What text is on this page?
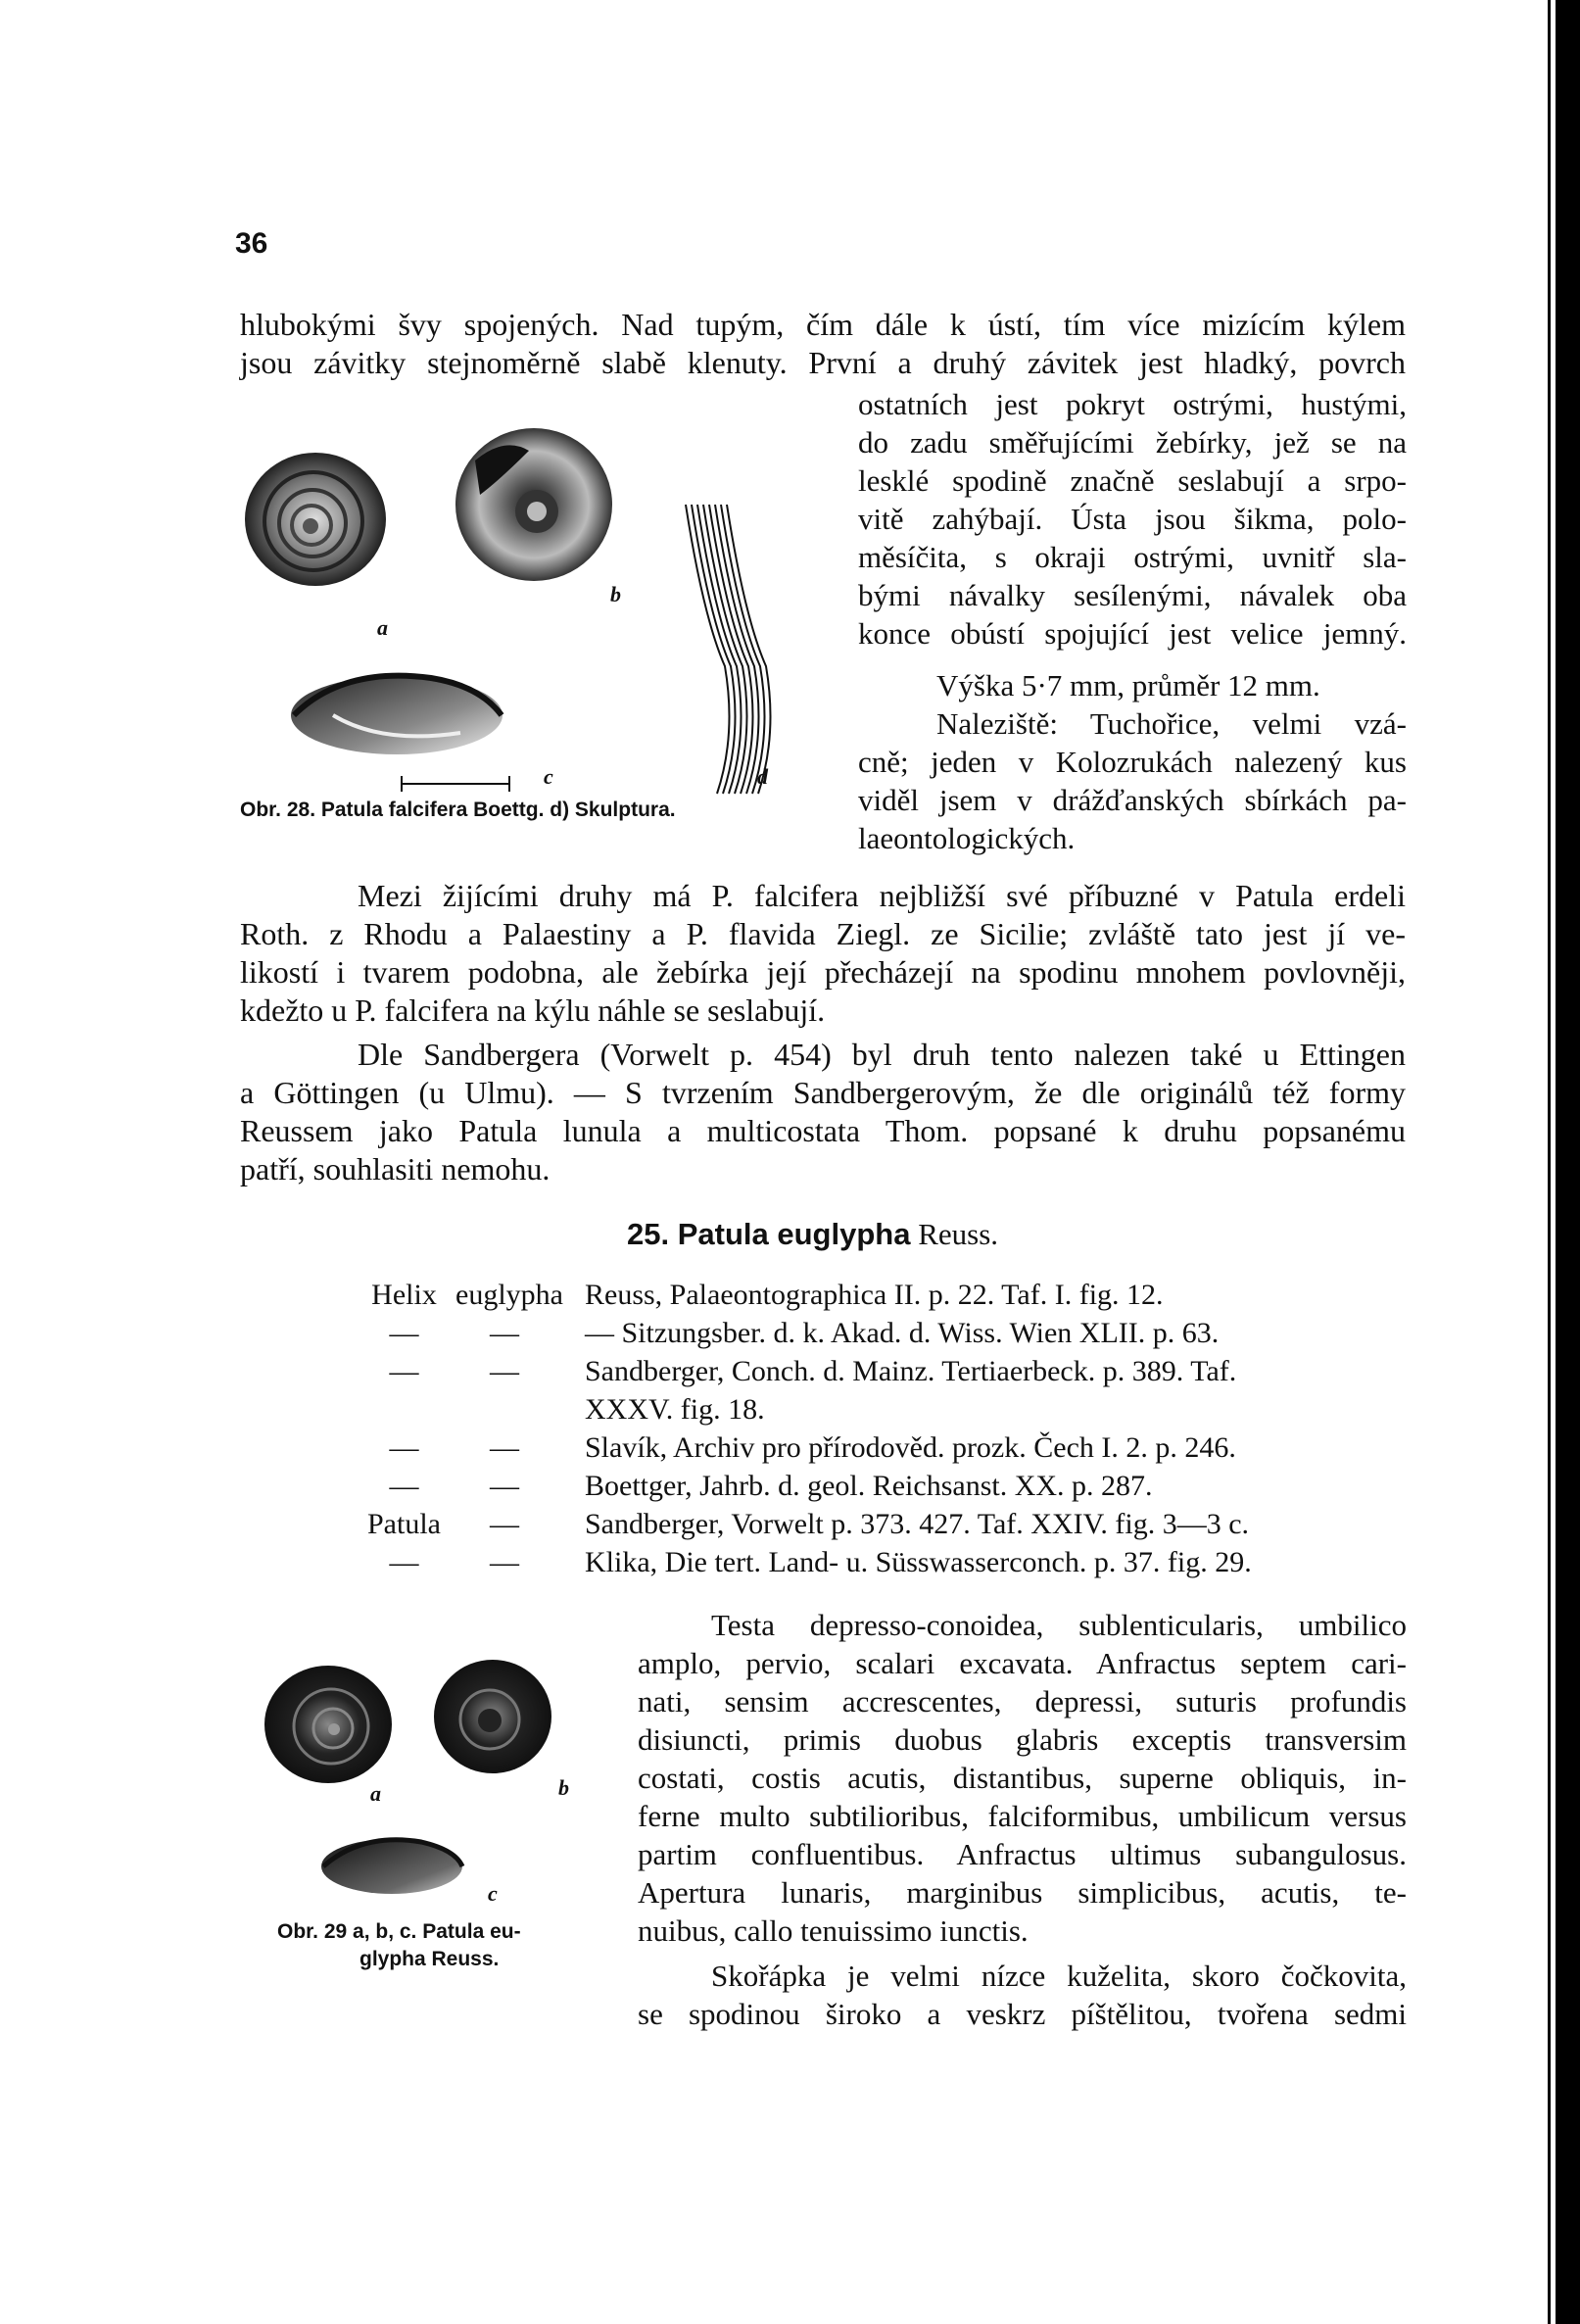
36
hlubokými švy spojených. Nad tupým, čím dále k ústí, tím více mizícím kýlem
jsou závitky stejnoměrně slabě klenuty. První a druhý závitek jest hladký, povrch
a
b
c	d
Obr. 28. Patula falcifera Boettg. d) Skulptura.
ostatních jest pokryt ostrými, hustými,
do zadu směřujícími žebírky, jež se na
lesklé spodině značně seslabují a srpo-
vitě zahýbají. Ústa jsou šikma, polo-
měsíčita, s okraji ostrými, uvnitř sla-
bými návalky sesílenými, návalek oba
konce obústí spojující jest velice jemný.
Výška 5·7 mm, průměr 12 mm.
Naleziště: Tuchořice, velmi vzá-
cně; jeden v Kolozrukách nalezený kus
viděl jsem v drážďanských sbírkách pa-
laeontologických.
Mezi žijícími druhy má P. falcifera nejbližší své příbuzné v Patula erdeli
Roth. z Rhodu a Palaestiny a P. flavida Ziegl. ze Sicilie; zvláště tato jest jí ve-
likostí i tvarem podobna, ale žebírka její přecházejí na spodinu mnohem povlovněji,
kdežto u P. falcifera na kýlu náhle se seslabují.
Dle Sandbergera (Vorwelt p. 454) byl druh tento nalezen také u Ettingen
a Göttingen (u Ulmu). — S tvrzením Sandbergerovým, že dle originálů též formy
Reussem jako Patula lunula a multicostata Thom. popsané k druhu popsanému
patří, souhlasiti nemohu.
25. Patula euglypha Reuss.
Helix euglypha Reuss, Palaeontographica II. p. 22. Taf. I. fig. 12.
—	—	— Sitzungsber. d. k. Akad. d. Wiss. Wien XLII. p. 63.
—	—	Sandberger, Conch. d. Mainz. Tertiaerbeck. p. 389. Taf.
XXXV. fig. 18.
—	—	Slavík, Archiv pro přírodověd. prozk. Čech I. 2. p. 246.
—	—	Boettger, Jahrb. d. geol. Reichsanst. XX. p. 287.
Patula	—	Sandberger, Vorwelt p. 373. 427. Taf. XXIV. fig. 3—3 c.
—	—	Klika, Die tert. Land- u. Süsswasserconch. p. 37. fig. 29.
a	b
c
Obr. 29 a, b, c. Patula eu-
glypha Reuss.
Testa depresso-conoidea, sublenticularis, umbilico
amplo, pervio, scalari excavata. Anfractus septem cari-
nati, sensim accrescentes, depressi, suturis profundis
disiuncti, primis duobus glabris exceptis transversim
costati, costis acutis, distantibus, superne obliquis, in-
ferne multo subtilioribus, falciformibus, umbilicum versus
partim confluentibus. Anfractus ultimus subangulosus.
Apertura lunaris, marginibus simplicibus, acutis, te-
nuibus, callo tenuissimo iunctis.
Skořápka je velmi nízce kuželita, skoro čočkovita,
se spodinou široko a veskrz píštělitou, tvořena sedmi
